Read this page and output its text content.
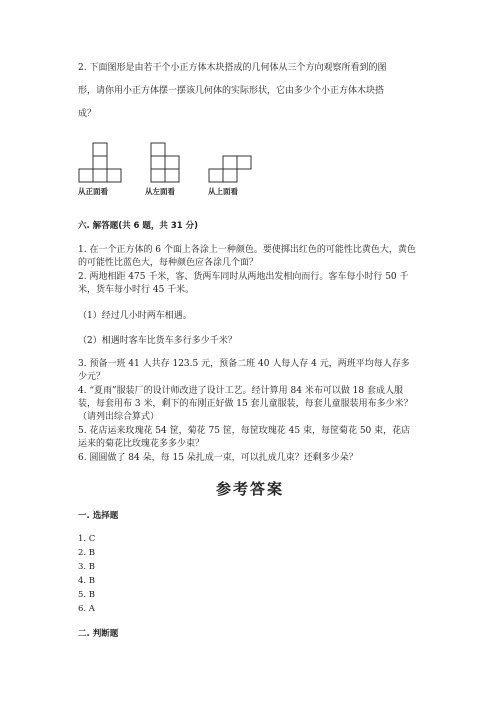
2. 下面图形是由若干个小正方体木块搭成的几何体从三个方向观察所看到的图
形，请你用小正方体摆一摆该几何体的实际形状，它由多少个小正方体木块搭
成？
从正面看	从左面看	从上面看
六. 解答题(共 6 题，共 31 分)
1. 在一个正方体的 6 个面上各涂上一种颜色。要使掷出红色的可能性比黄色大，黄色的可能性比蓝色大，每种颜色应各涂几个面？
2. 两地相距 475 千米，客、货两车同时从两地出发相向而行。客车每小时行 50 千米，货车每小时行 45 千米。
（1）经过几小时两车相遇。
（2）相遇时客车比货车多行多少千米？
3. 预备一班 41 人共存 123.5 元，预备二班 40 人每人存 4 元，两班平均每人存多少元？
4. “夏雨”服装厂的设计师改进了设计工艺。经计算用 84 米布可以做 18 套成人服装，每套用布 3 米，剩下的布刚正好做 15 套儿童服装，每套儿童服装用布多少米？（请列出综合算式）
5. 花店运来玫瑰花 54 筐，菊花 75 筐，每筐玫瑰花 45 束，每筐菊花 50 束，花店运来的菊花比玫瑰花多多少束？
6. 圆圆做了 84 朵，每 15 朵扎成一束，可以扎成几束？还剩多少朵？
参考答案
一. 选择题
1. C
2. B
3. B
4. B
5. B
6. A
二. 判断题
